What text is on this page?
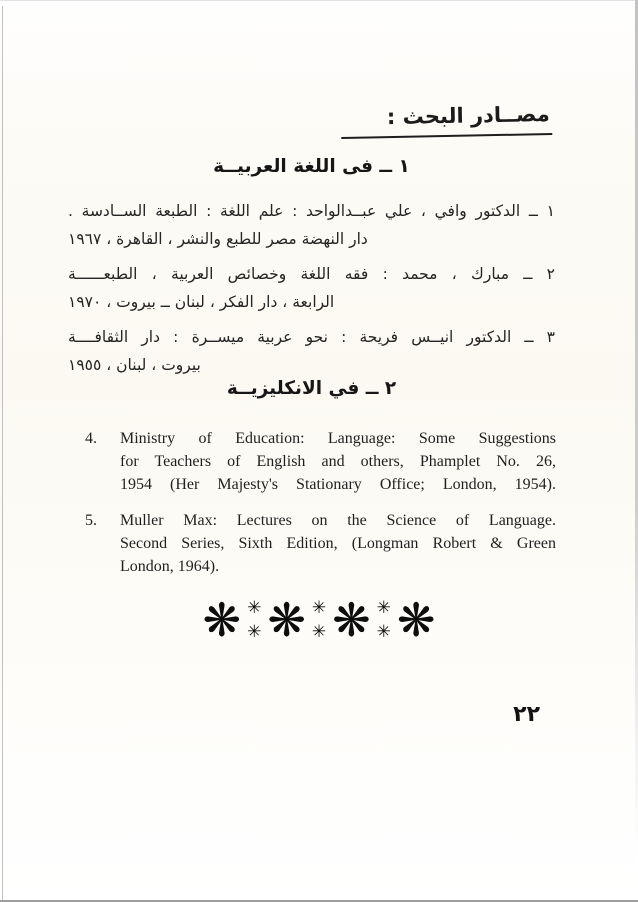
مصــادر البحث :
١ ــ فى اللغة العربيــة
١ ــ الدكتور وافي ، علي عبــدالواحد : علم اللغة : الطبعة الســادسة .
دار النهضة مصر للطبع والنشر ، القاهرة ، ١٩٦٧
٢ ــ مبارك ، محمد : فقه اللغة وخصائص العربية ، الطبعــــــة
الرابعة ، دار الفكر ، لبنان ــ بيروت ، ١٩٧٠
٣ ــ الدكتور انيــس فريحة : نحو عربية ميســرة : دار الثقافــــة
بيروت ، لبنان ، ١٩٥٥
٢ ــ في الانكليزيــة
4.	Ministry of Education: Language: Some Suggestions
for Teachers of English and others, Phamplet No. 26,
1954 (Her Majesty's Stationary Office; London, 1954).
5.	Muller Max: Lectures on the Science of Language.
Second Series, Sixth Edition, (Longman Robert & Green
London, 1964).
❋ ✳
✳ ❋ ✳
✳ ❋ ✳
✳ ❋
٢٢
